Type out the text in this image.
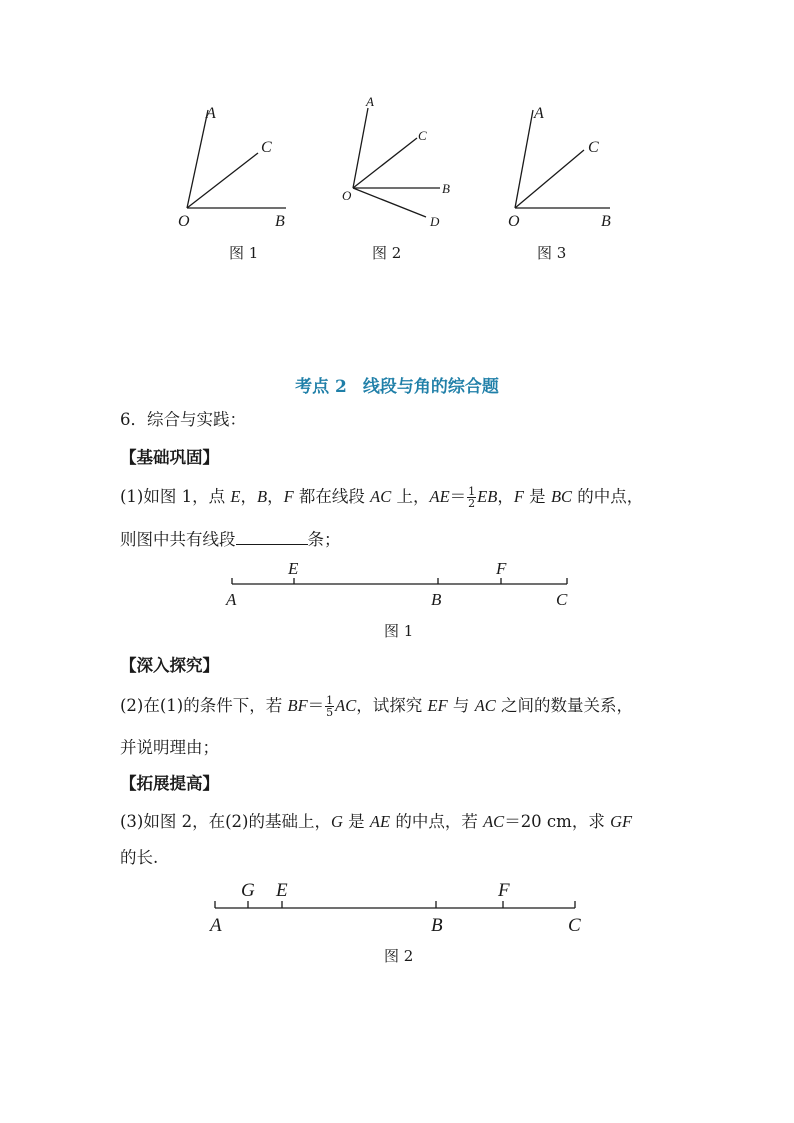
A
C
O	B
图 1
A
C
O	B
D
图 2
A
C
O	B
图 3
考点 2 线段与角的综合题
6．综合与实践：
【基础巩固】
(1)如图 1，点 E，B，F 都在线段 AC 上，$AE= \frac{1}{2}$ EB，F 是 BC 的中点，
则图中共有线段	条；
E	F
A	B	C
图 1
【深入探究】
(2)在(1)的条件下，若 $BF= \frac{1}{5}$ AC，试探究 EF 与 AC 之间的数量关系，
并说明理由；
【拓展提高】
(3)如图 2，在(2)的基础上，G 是 AE 的中点，若 AC＝20 cm，求 GF
的长.
G E	F
A	B	C
图 2
